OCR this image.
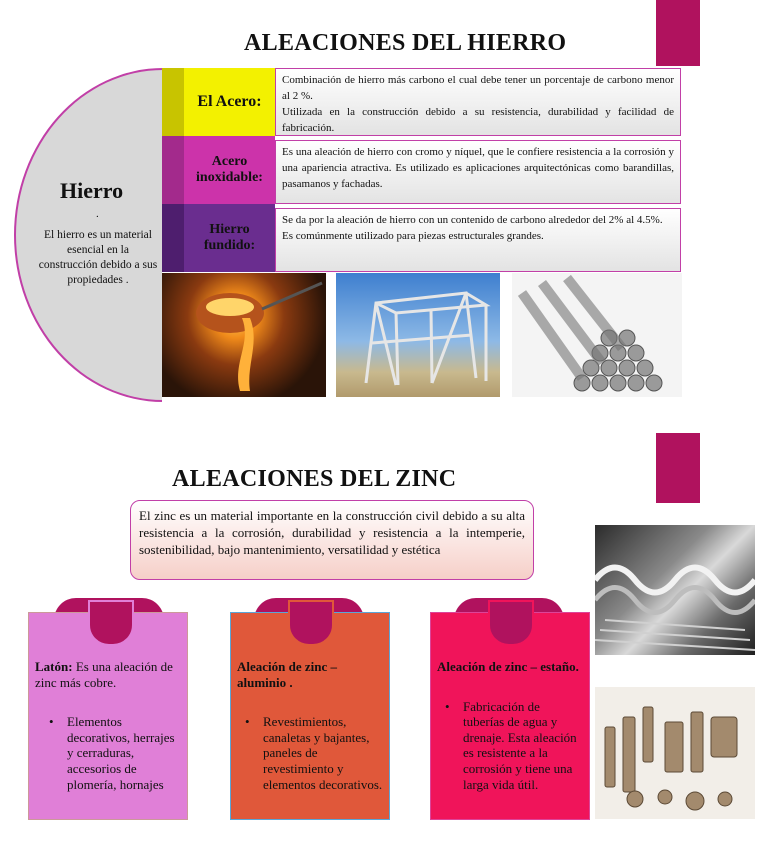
ALEACIONES DEL HIERRO
Hierro
.
El hierro es un material esencial en la construcción debido a sus propiedades .
El Acero:
Acero inoxidable:
Hierro fundido:
Combinación de hierro más carbono el cual debe tener un porcentaje de carbono menor al 2 %.
Utilizada en la construcción debido a su resistencia, durabilidad y facilidad de fabricación.
Es una aleación de hierro con cromo y níquel, que le confiere resistencia a la corrosión y una apariencia atractiva. Es utilizado es aplicaciones arquitectónicas como barandillas, pasamanos y fachadas.
Se da por la aleación de hierro con un contenido de carbono alrededor del 2% al 4.5%.
Es comúnmente utilizado para piezas estructurales grandes.
ALEACIONES DEL ZINC
El zinc es un material importante en la construcción civil debido a su alta resistencia a la corrosión, durabilidad y resistencia a la intemperie, sostenibilidad, bajo mantenimiento, versatilidad y estética
Latón: Es una aleación de zinc más cobre.
• Elementos decorativos, herrajes y cerraduras, accesorios de plomería, hornajes
Aleación de zinc – aluminio .
• Revestimientos, canaletas y bajantes, paneles de revestimiento y elementos decorativos.
Aleación de zinc – estaño.
• Fabricación de tuberías de agua y drenaje. Esta aleación es resistente a la corrosión y tiene una larga vida útil.
